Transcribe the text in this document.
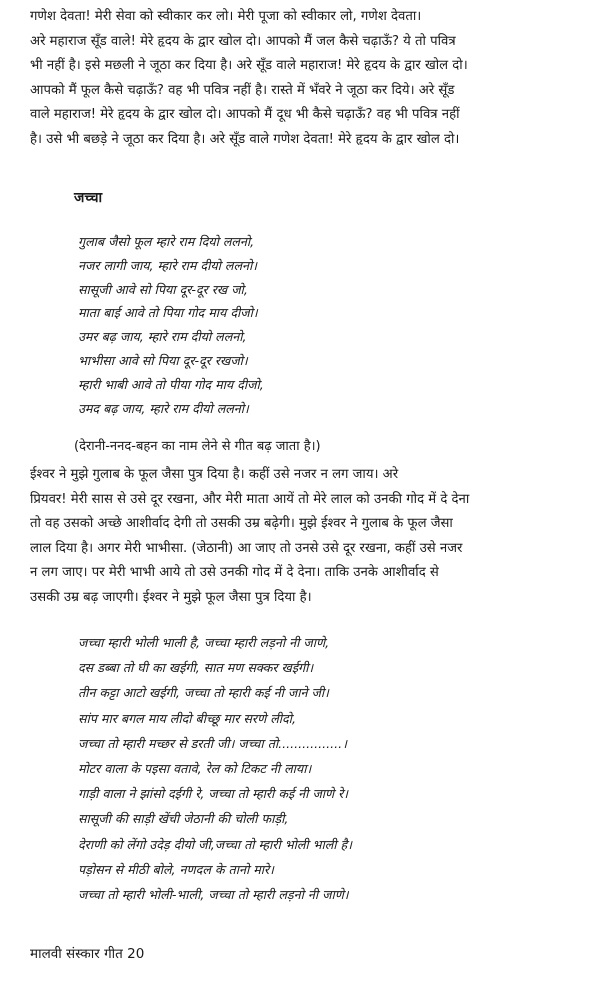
गणेश देवता! मेरी सेवा को स्वीकार कर लो। मेरी पूजा को स्वीकार लो, गणेश देवता।
अरे महाराज सूँड वाले! मेरे हृदय के द्वार खोल दो। आपको मैं जल कैसे चढ़ाऊँ? ये तो पवित्र
भी नहीं है। इसे मछली ने जूठा कर दिया है। अरे सूँड वाले महाराज! मेरे हृदय के द्वार खोल दो।
आपको मैं फूल कैसे चढ़ाऊँ? वह भी पवित्र नहीं है। रास्ते में भँवरे ने जूठा कर दिये। अरे सूँड
वाले महाराज! मेरे हृदय के द्वार खोल दो। आपको मैं दूध भी कैसे चढ़ाऊँ? वह भी पवित्र नहीं
है। उसे भी बछड़े ने जूठा कर दिया है। अरे सूँड वाले गणेश देवता! मेरे हृदय के द्वार खोल दो।

जच्चा

गुलाब जैसो फूल म्हारे राम दियो ललनो,
नजर लागी जाय, म्हारे राम दीयो ललनो।
सासूजी आवे सो पिया दूर-दूर रख जो,
माता बाई आवे तो पिया गोद माय दीजो।
उमर बढ़ जाय, म्हारे राम दीयो ललनो,
भाभीसा आवे सो पिया दूर-दूर रखजो।
म्हारी भाबी आवे तो पीया गोद माय दीजो,
उमद बढ़ जाय, म्हारे राम दीयो ललनो।

(देरानी-ननद-बहन का नाम लेने से गीत बढ़ जाता है।)

ईश्वर ने मुझे गुलाब के फूल जैसा पुत्र दिया है। कहीं उसे नजर न लग जाय। अरे
प्रियवर! मेरी सास से उसे दूर रखना, और मेरी माता आयें तो मेरे लाल को उनकी गोद में दे देना
तो वह उसको अच्छे आशीर्वाद देगी तो उसकी उम्र बढ़ेगी। मुझे ईश्वर ने गुलाब के फूल जैसा
लाल दिया है। अगर मेरी भाभीसा. (जेठानी) आ जाए तो उनसे उसे दूर रखना, कहीं उसे नजर
न लग जाए। पर मेरी भाभी आये तो उसे उनकी गोद में दे देना। ताकि उनके आशीर्वाद से
उसकी उम्र बढ़ जाएगी। ईश्वर ने मुझे फूल जैसा पुत्र दिया है।

जच्चा म्हारी भोली भाली है, जच्चा म्हारी लड़नो नी जाणे,
दस डब्बा तो घी का खईगी, सात मण सक्कर खईगी।
तीन कट्टा आटो खईगी, जच्चा तो म्हारी कई नी जाने जी।
सांप मार बगल माय लीदो बीच्छू मार सरणे लीदो,
जच्चा तो म्हारी मच्छर से डरती जी। जच्चा तो................।
मोटर वाला के पइसा वतावे, रेल को टिकट नी लाया।
गाड़ी वाला ने झांसो दईगी रे, जच्चा तो म्हारी कई नी जाणे रे।
सासूजी की साड़ी खेंची जेठानी की चोली फाड़ी,
देराणी को लेंगो उदेड़ दीयो जी,जच्चा तो म्हारी भोली भाली है।
पड़ोसन से मीठी बोले, नणदल के तानो मारे।
जच्चा तो म्हारी भोली-भाली, जच्चा तो म्हारी लड़नो नी जाणे।

मालवी संस्कार गीत 20
